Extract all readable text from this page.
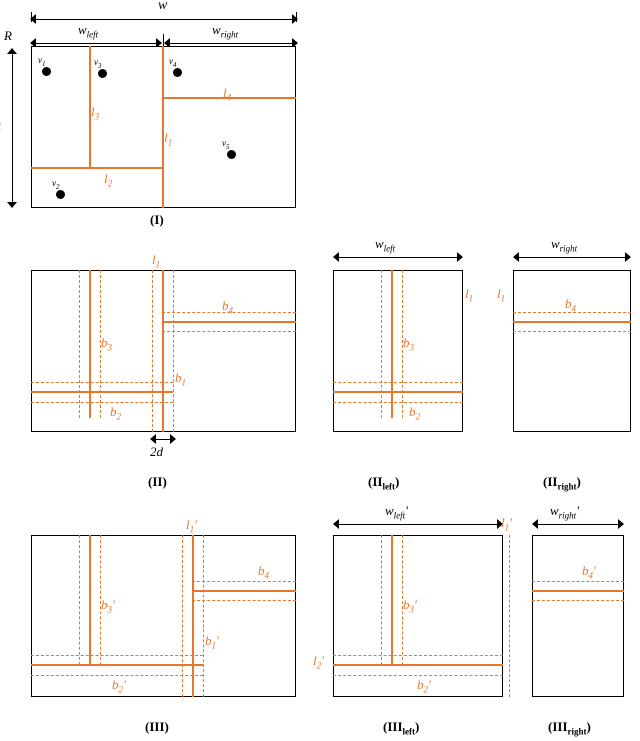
w
$w_{left}$	$w_{right}$
R
$l_1$
$l_2$
$l_3$
$l_4$
$v_1$
$v_2$
$v_3$	$v_4$
$v_5$
(I)
$l_1$
$b_1$
2d
$b_3$
$b_2$
$b_4$
(II)
$w_{left}$
$l_1$
$b_3$
$b_2$
$(II_{left})$
$w_{right}$
$l_1$	$b_4$
$(II_{right})$
$l_1'$
$b_1'$
$b_3'$
$b_2'$
$b_4$
(III)
$w_{left}'$
$b_3'$
$b_2'$
$l_2'$
$(III_{left})$
$l_1'$
$w_{right}'$
$b_4'$
$(III_{right})$
